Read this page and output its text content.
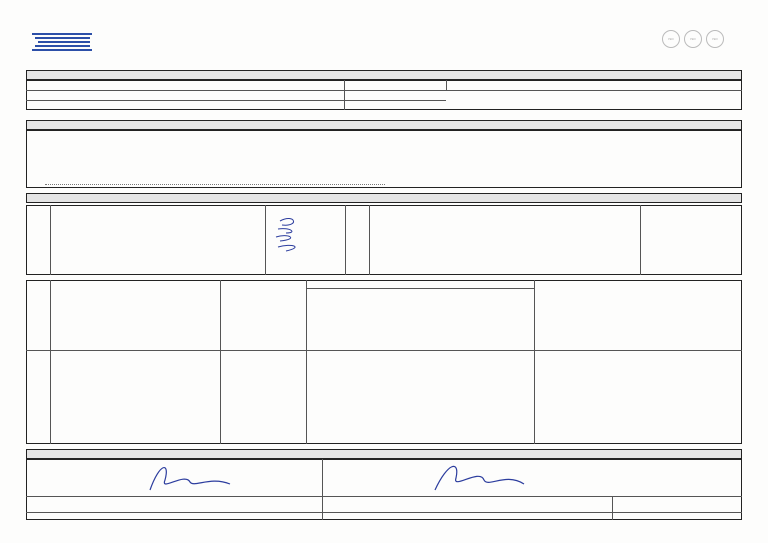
ISO	ISO	ISO
